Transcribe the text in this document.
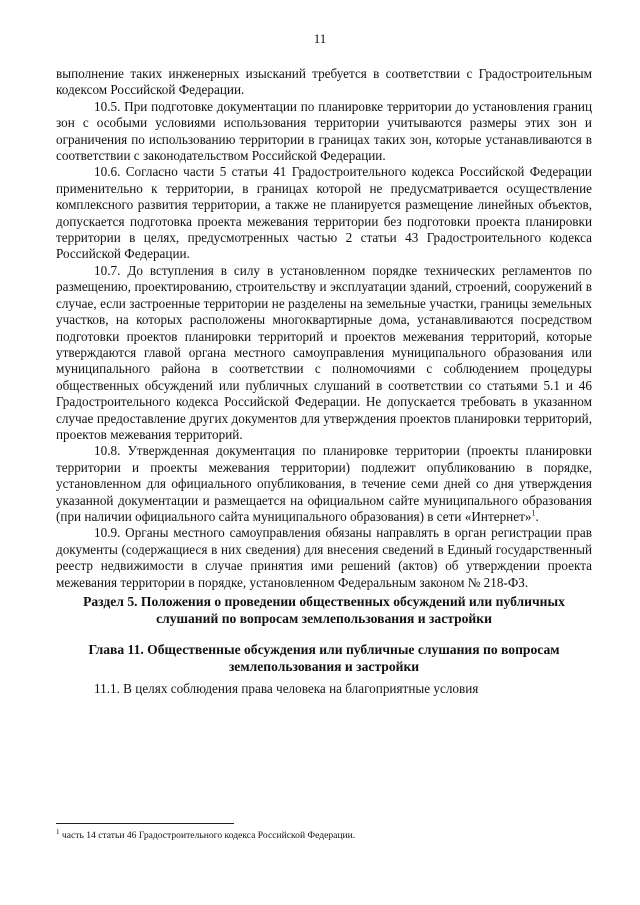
11

выполнение таких инженерных изысканий требуется в соответствии с Градостроительным кодексом Российской Федерации.

10.5. При подготовке документации по планировке территории до установления границ зон с особыми условиями использования территории учитываются размеры этих зон и ограничения по использованию территории в границах таких зон, которые устанавливаются в соответствии с законодательством Российской Федерации.

10.6. Согласно части 5 статьи 41 Градостроительного кодекса Российской Федерации применительно к территории, в границах которой не предусматривается осуществление комплексного развития территории, а также не планируется размещение линейных объектов, допускается подготовка проекта межевания территории без подготовки проекта планировки территории в целях, предусмотренных частью 2 статьи 43 Градостроительного кодекса Российской Федерации.

10.7. До вступления в силу в установленном порядке технических регламентов по размещению, проектированию, строительству и эксплуатации зданий, строений, сооружений в случае, если застроенные территории не разделены на земельные участки, границы земельных участков, на которых расположены многоквартирные дома, устанавливаются посредством подготовки проектов планировки территорий и проектов межевания территорий, которые утверждаются главой органа местного самоуправления муниципального образования или муниципального района в соответствии с полномочиями с соблюдением процедуры общественных обсуждений или публичных слушаний в соответствии со статьями 5.1 и 46 Градостроительного кодекса Российской Федерации. Не допускается требовать в указанном случае предоставление других документов для утверждения проектов планировки территорий, проектов межевания территорий.

10.8. Утвержденная документация по планировке территории (проекты планировки территории и проекты межевания территории) подлежит опубликованию в порядке, установленном для официального опубликования, в течение семи дней со дня утверждения указанной документации и размещается на официальном сайте муниципального образования (при наличии официального сайта муниципального образования) в сети «Интернет»$^1$.

10.9. Органы местного самоуправления обязаны направлять в орган регистрации прав документы (содержащиеся в них сведения) для внесения сведений в Единый государственный реестр недвижимости в случае принятия ими решений (актов) об утверждении проекта межевания территории в порядке, установленном Федеральным законом № 218-ФЗ.

Раздел 5. Положения о проведении общественных обсуждений или публичных слушаний по вопросам землепользования и застройки
Глава 11. Общественные обсуждения или публичные слушания по вопросам землепользования и застройки

11.1. В целях соблюдения права человека на благоприятные условия

$^1$ часть 14 статьи 46 Градостроительного кодекса Российской Федерации.
